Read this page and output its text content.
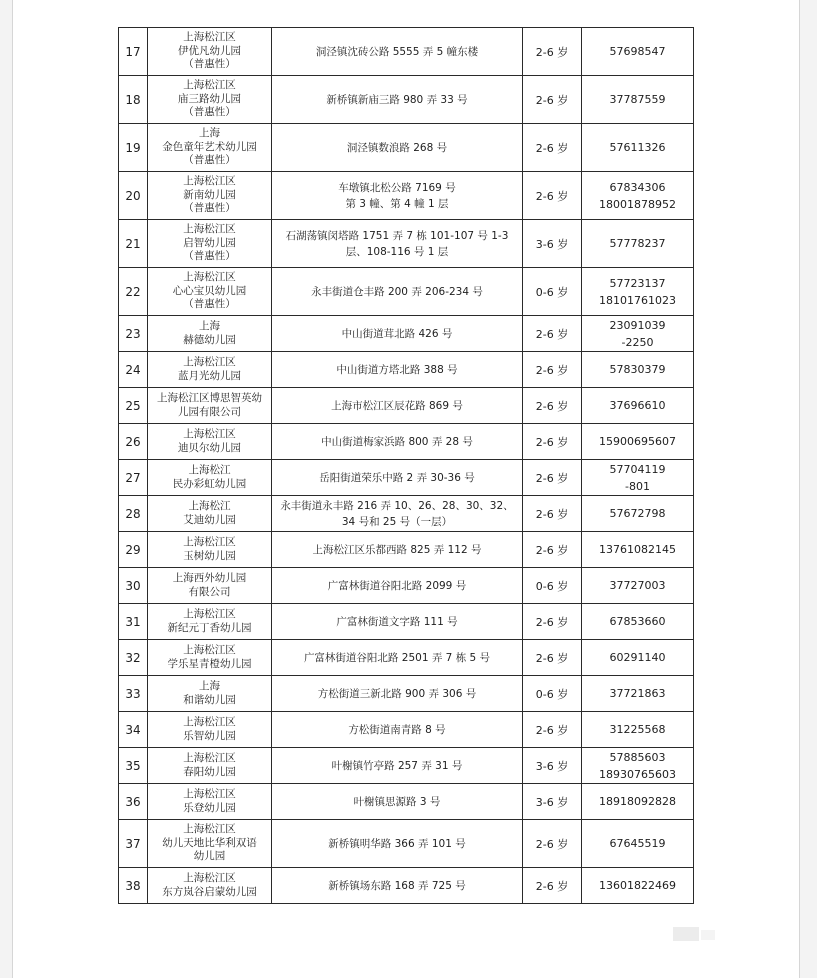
17	上海松江区
伊优凡幼儿园
（普惠性）	洞泾镇沈砖公路 5555 弄 5 幢东楼	2-6 岁	57698547

18	上海松江区
庙三路幼儿园
（普惠性）	新桥镇新庙三路 980 弄 33 号	2-6 岁	37787559

19	上海
金色童年艺术幼儿园
（普惠性）	洞泾镇数浪路 268 号	2-6 岁	57611326

20	上海松江区
新南幼儿园
（普惠性）	车墩镇北松公路 7169 号
第 3 幢、第 4 幢 1 层	2-6 岁	67834306
18001878952

21	上海松江区
启智幼儿园
（普惠性）	石湖荡镇闵塔路 1751 弄 7 栋 101-107 号 1-3
层、108-116 号 1 层	3-6 岁	57778237

22	上海松江区
心心宝贝幼儿园
（普惠性）	永丰街道仓丰路 200 弄 206-234 号	0-6 岁	57723137
18101761023

23	上海
赫德幼儿园	中山街道茸北路 426 号	2-6 岁	23091039
-2250

24	上海松江区
蓝月光幼儿园	中山街道方塔北路 388 号	2-6 岁	57830379

25	上海松江区博思智英幼
儿园有限公司	上海市松江区辰花路 869 号	2-6 岁	37696610

26	上海松江区
迪贝尔幼儿园	中山街道梅家浜路 800 弄 28 号	2-6 岁	15900695607

27	上海松江
民办彩虹幼儿园	岳阳街道荣乐中路 2 弄 30-36 号	2-6 岁	57704119
-801

28	上海松江
艾迪幼儿园	永丰街道永丰路 216 弄 10、26、28、30、32、
34 号和 25 号（一层）	2-6 岁	57672798

29	上海松江区
玉树幼儿园	上海松江区乐都西路 825 弄 112 号	2-6 岁	13761082145

30	上海西外幼儿园
有限公司	广富林街道谷阳北路 2099 号	0-6 岁	37727003

31	上海松江区
新纪元丁香幼儿园	广富林街道文字路 111 号	2-6 岁	67853660

32	上海松江区
学乐星青橙幼儿园	广富林街道谷阳北路 2501 弄 7 栋 5 号	2-6 岁	60291140

33	上海
和谐幼儿园	方松街道三新北路 900 弄 306 号	0-6 岁	37721863

34	上海松江区
乐智幼儿园	方松街道南青路 8 号	2-6 岁	31225568

35	上海松江区
春阳幼儿园	叶榭镇竹亭路 257 弄 31 号	3-6 岁	57885603
18930765603

36	上海松江区
乐登幼儿园	叶榭镇思源路 3 号	3-6 岁	18918092828

37	上海松江区
幼儿天地比华利双语
幼儿园	新桥镇明华路 366 弄 101 号	2-6 岁	67645519

38	上海松江区
东方岚谷启蒙幼儿园	新桥镇场东路 168 弄 725 号	2-6 岁	13601822469
